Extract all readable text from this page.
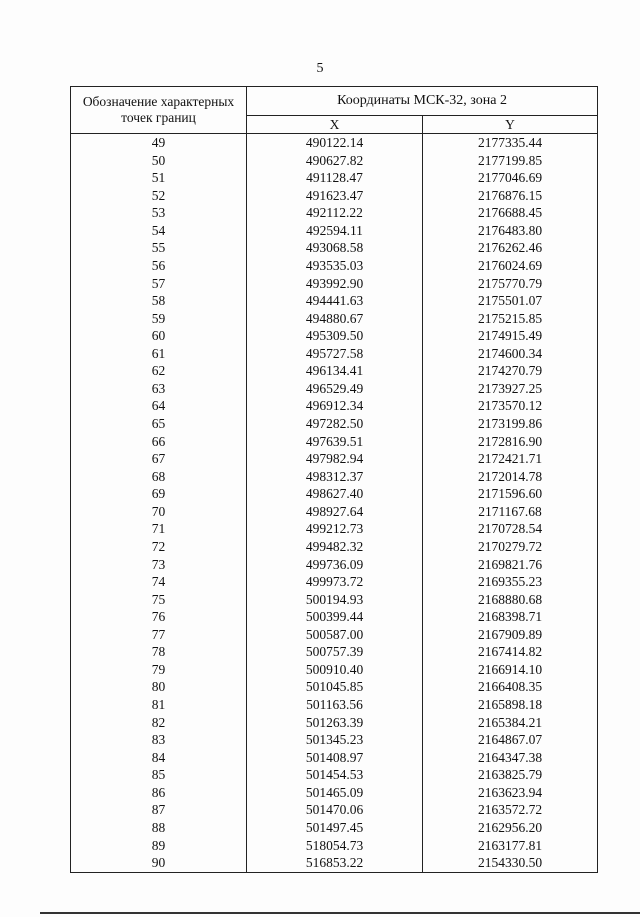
5
Обозначение характерных точек границ	Координаты МСК-32, зона 2	
	X	Y
49	490122.14	2177335.44
50	490627.82	2177199.85
51	491128.47	2177046.69
52	491623.47	2176876.15
53	492112.22	2176688.45
54	492594.11	2176483.80
55	493068.58	2176262.46
56	493535.03	2176024.69
57	493992.90	2175770.79
58	494441.63	2175501.07
59	494880.67	2175215.85
60	495309.50	2174915.49
61	495727.58	2174600.34
62	496134.41	2174270.79
63	496529.49	2173927.25
64	496912.34	2173570.12
65	497282.50	2173199.86
66	497639.51	2172816.90
67	497982.94	2172421.71
68	498312.37	2172014.78
69	498627.40	2171596.60
70	498927.64	2171167.68
71	499212.73	2170728.54
72	499482.32	2170279.72
73	499736.09	2169821.76
74	499973.72	2169355.23
75	500194.93	2168880.68
76	500399.44	2168398.71
77	500587.00	2167909.89
78	500757.39	2167414.82
79	500910.40	2166914.10
80	501045.85	2166408.35
81	501163.56	2165898.18
82	501263.39	2165384.21
83	501345.23	2164867.07
84	501408.97	2164347.38
85	501454.53	2163825.79
86	501465.09	2163623.94
87	501470.06	2163572.72
88	501497.45	2162956.20
89	518054.73	2163177.81
90	516853.22	2154330.50
